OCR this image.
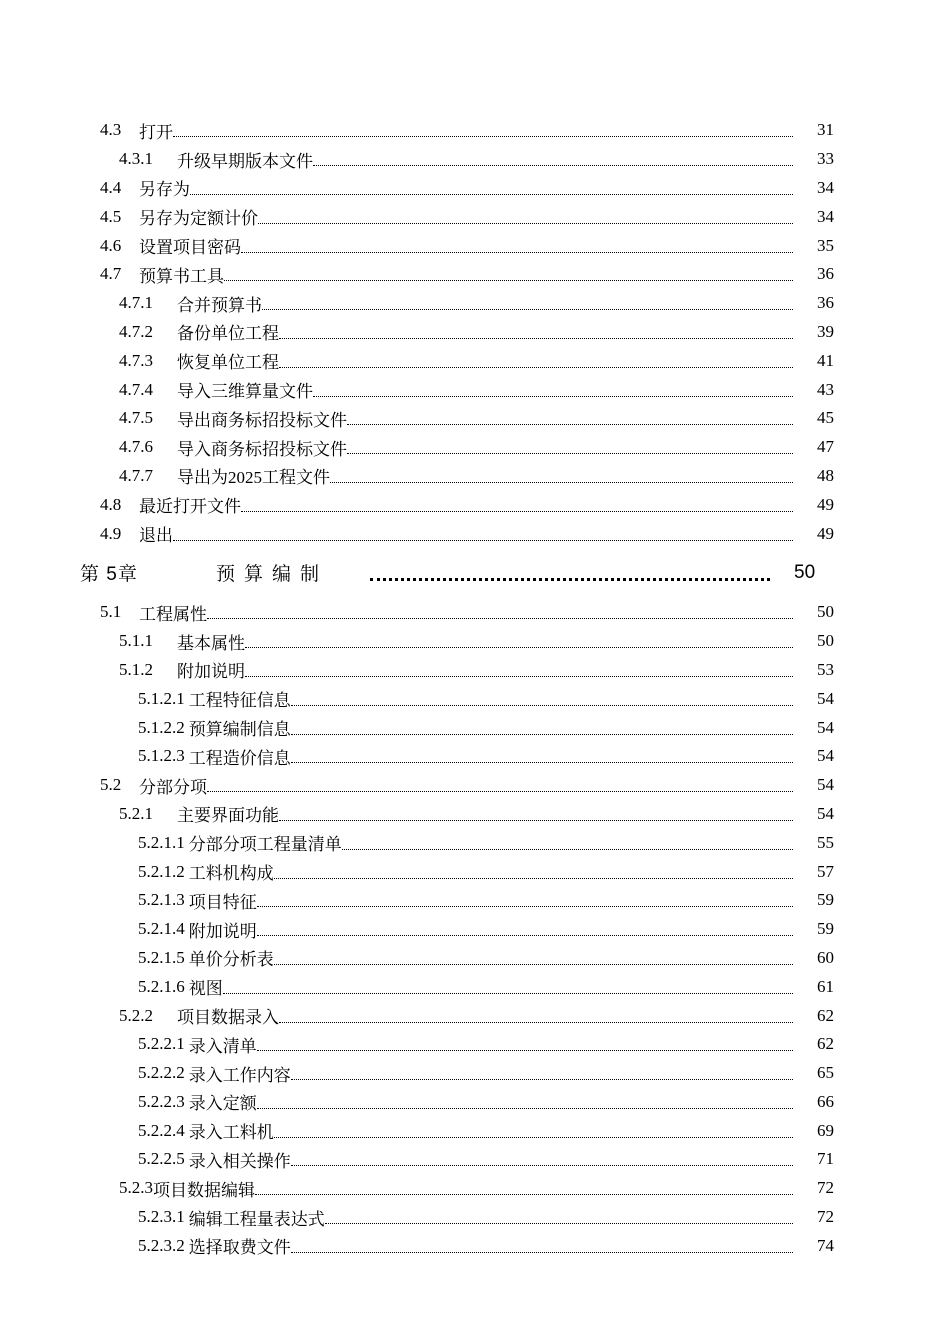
4.3	打开	31
4.3.1	升级早期版本文件	33
4.4	另存为	34
4.5	另存为定额计价	34
4.6	设置项目密码	35
4.7	预算书工具	36
4.7.1	合并预算书	36
4.7.2	备份单位工程	39
4.7.3	恢复单位工程	41
4.7.4	导入三维算量文件	43
4.7.5	导出商务标招投标文件	45
4.7.6	导入商务标招投标文件	47
4.7.7	导出为2025工程文件	48
4.8	最近打开文件	49
4.9	退出	49
第 5章	预算编制	50
5.1	工程属性	50
5.1.1	基本属性	50
5.1.2	附加说明	53
5.1.2.1 工程特征信息	54
5.1.2.2 预算编制信息	54
5.1.2.3 工程造价信息	54
5.2	分部分项	54
5.2.1	主要界面功能	54
5.2.1.1 分部分项工程量清单	55
5.2.1.2 工料机构成	57
5.2.1.3 项目特征	59
5.2.1.4 附加说明	59
5.2.1.5 单价分析表	60
5.2.1.6 视图	61
5.2.2	项目数据录入	62
5.2.2.1 录入清单	62
5.2.2.2 录入工作内容	65
5.2.2.3 录入定额	66
5.2.2.4 录入工料机	69
5.2.2.5 录入相关操作	71
5.2.3 项目数据编辑	72
5.2.3.1 编辑工程量表达式	72
5.2.3.2 选择取费文件	74
